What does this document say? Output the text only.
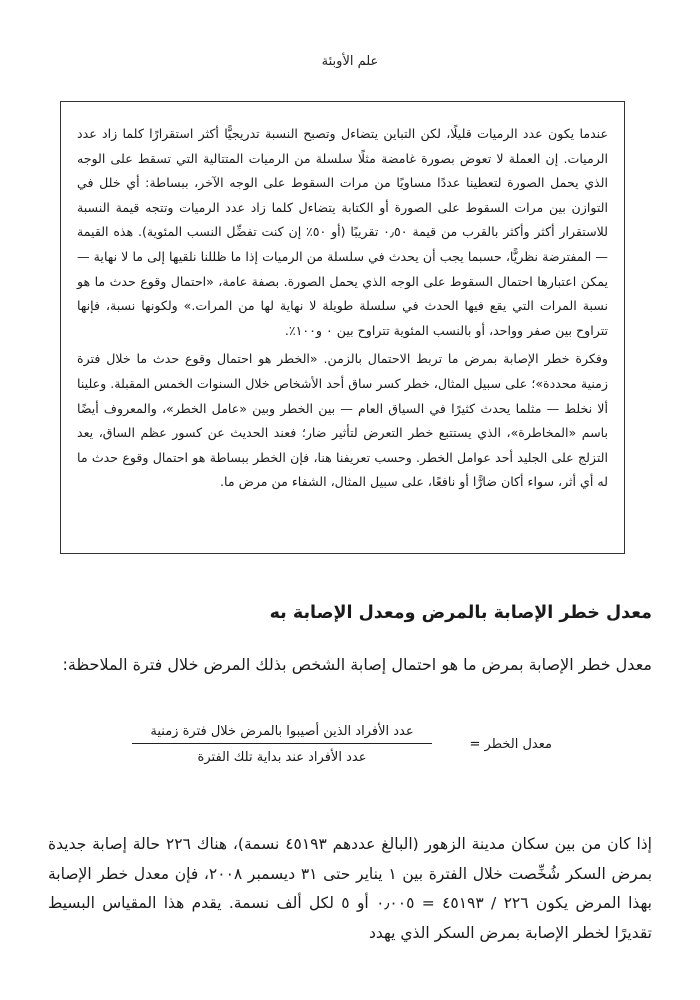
علم الأوبئة

عندما يكون عدد الرميات قليلًا، لكن التباين يتضاءل وتصبح النسبة تدريجيًّا أكثر استقرارًا كلما زاد عدد الرميات. إن العملة لا تعوض بصورة غامضة مثلًا سلسلة من الرميات المتتالية التي تسقط على الوجه الذي يحمل الصورة لتعطينا عددًا مساويًا من مرات السقوط على الوجه الآخر، ببساطة: أي خلل في التوازن بين مرات السقوط على الصورة أو الكتابة يتضاءل كلما زاد عدد الرميات وتتجه قيمة النسبة للاستقرار أكثر وأكثر بالقرب من قيمة ٠٫٥٠ تقريبًا (أو ٥٠٪ إن كنت تفضِّل النسب المئوية). هذه القيمة — المفترضة نظريًّا، حسبما يجب أن يحدث في سلسلة من الرميات إذا ما ظللنا نلقيها إلى ما لا نهاية — يمكن اعتبارها احتمال السقوط على الوجه الذي يحمل الصورة. بصفة عامة، «احتمال وقوع حدث ما هو نسبة المرات التي يقع فيها الحدث في سلسلة طويلة لا نهاية لها من المرات.» ولكونها نسبة، فإنها تتراوح بين صفر وواحد، أو بالنسب المئوية تتراوح بين ٠ و١٠٠٪.

وفكرة خطر الإصابة بمرض ما تربط الاحتمال بالزمن. «الخطر هو احتمال وقوع حدث ما خلال فترة زمنية محددة»؛ على سبيل المثال، خطر كسر ساق أحد الأشخاص خلال السنوات الخمس المقبلة. وعلينا ألا نخلط — مثلما يحدث كثيرًا في السياق العام — بين الخطر وبين «عامل الخطر»، والمعروف أيضًا باسم «المخاطرة»، الذي يستتبع خطر التعرض لتأثير ضار؛ فعند الحديث عن كسور عظم الساق، يعد التزلج على الجليد أحد عوامل الخطر. وحسب تعريفنا هنا، فإن الخطر ببساطة هو احتمال وقوع حدث ما له أي أثر، سواء أكان ضارًّا أو نافعًا، على سبيل المثال، الشفاء من مرض ما.

معدل خطر الإصابة بالمرض ومعدل الإصابة به

معدل خطر الإصابة بمرض ما هو احتمال إصابة الشخص بذلك المرض خلال فترة الملاحظة:

معدل الخطر =
عدد الأفراد الذين أصيبوا بالمرض خلال فترة زمنية
عدد الأفراد عند بداية تلك الفترة

إذا كان من بين سكان مدينة الزهور (البالغ عددهم ٤٥١٩٣ نسمة)، هناك ٢٢٦ حالة إصابة جديدة بمرض السكر شُخِّصت خلال الفترة بين ١ يناير حتى ٣١ ديسمبر ٢٠٠٨، فإن معدل خطر الإصابة بهذا المرض يكون ٢٢٦ / ٤٥١٩٣ = ٠٫٠٠٥ أو ٥ لكل ألف نسمة. يقدم هذا المقياس البسيط تقديرًا لخطر الإصابة بمرض السكر الذي يهدد
